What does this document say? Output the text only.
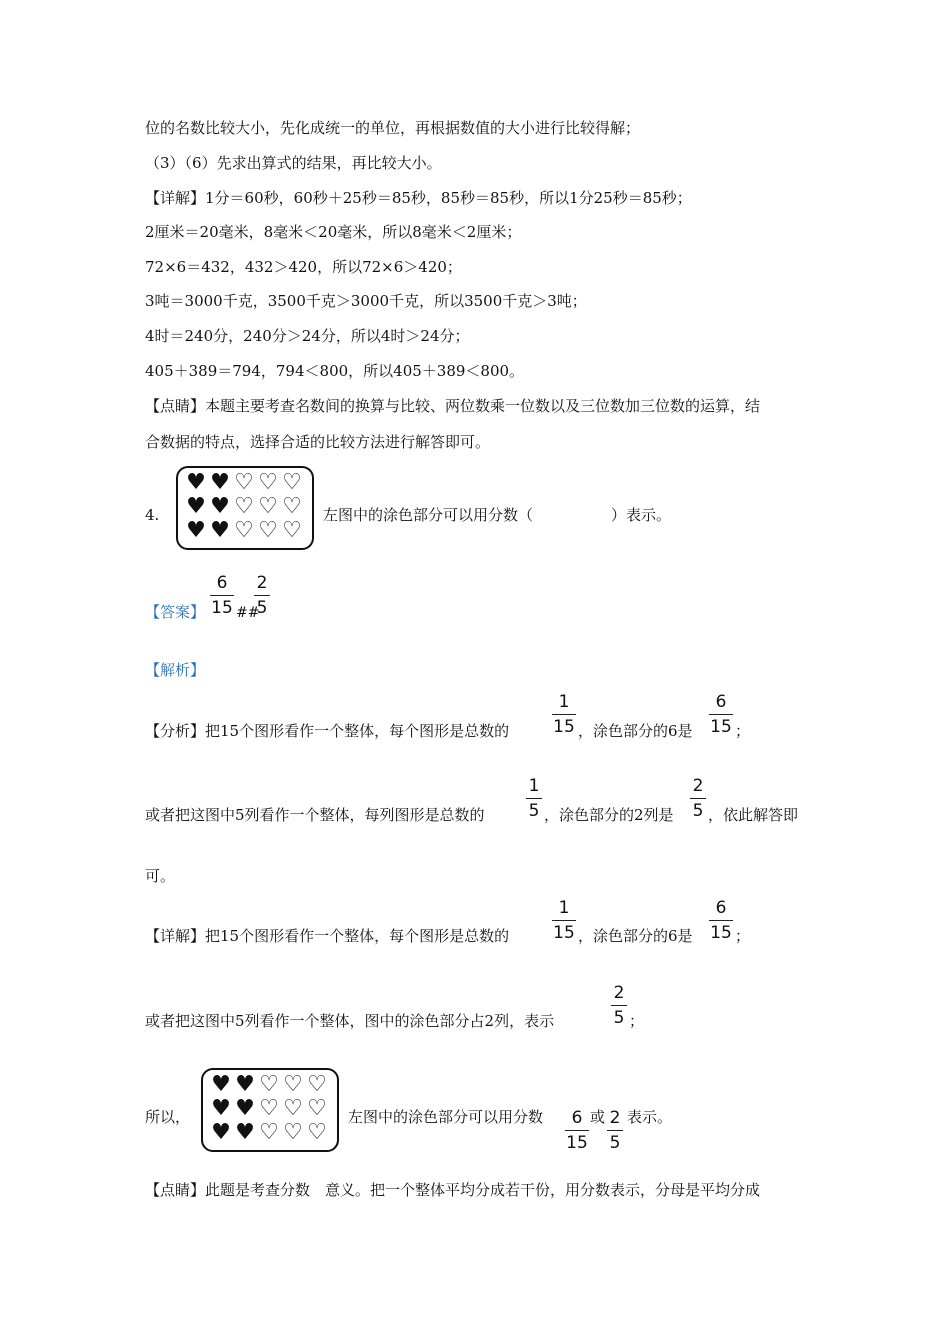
位的名数比较大小，先化成统一的单位，再根据数值的大小进行比较得解；
（3）（6）先求出算式的结果，再比较大小。
【详解】1分＝60秒，60秒＋25秒＝85秒，85秒＝85秒，所以1分25秒＝85秒；
2厘米＝20毫米，8毫米＜20毫米，所以8毫米＜2厘米；
72×6＝432，432＞420，所以72×6＞420；
3吨＝3000千克，3500千克＞3000千克，所以3500千克＞3吨；
4时＝240分，240分＞24分，所以4时＞24分；
405＋389＝794，794＜800，所以405＋389＜800。
【点睛】本题主要考查名数间的换算与比较、两位数乘一位数以及三位数加三位数的运算，结
合数据的特点，选择合适的比较方法进行解答即可。
4.
♥ ♥ ♡ ♡ ♡
♥ ♥ ♡ ♡ ♡
♥ ♥ ♡ ♡ ♡
左图中的涂色部分可以用分数（	）表示。
【答案】
6
15 ##
2
5
【解析】
【分析】把15个图形看作一个整体，每个图形是总数的
1
15 ，涂色部分的6是
6
15 ；
或者把这图中5列看作一个整体，每列图形是总数的
1
5 ，涂色部分的2列是
2
5 ，依此解答即
可。
【详解】把15个图形看作一个整体，每个图形是总数的
1
15 ，涂色部分的6是
6
15 ；
或者把这图中5列看作一个整体，图中的涂色部分占2列，表示
2
5 ；
所以，
♥ ♥ ♡ ♡ ♡
♥ ♥ ♡ ♡ ♡
♥ ♥ ♡ ♡ ♡
左图中的涂色部分可以用分数	6
15
或 2
5
表示。
【点睛】此题是考查分数　意义。把一个整体平均分成若干份，用分数表示，分母是平均分成
